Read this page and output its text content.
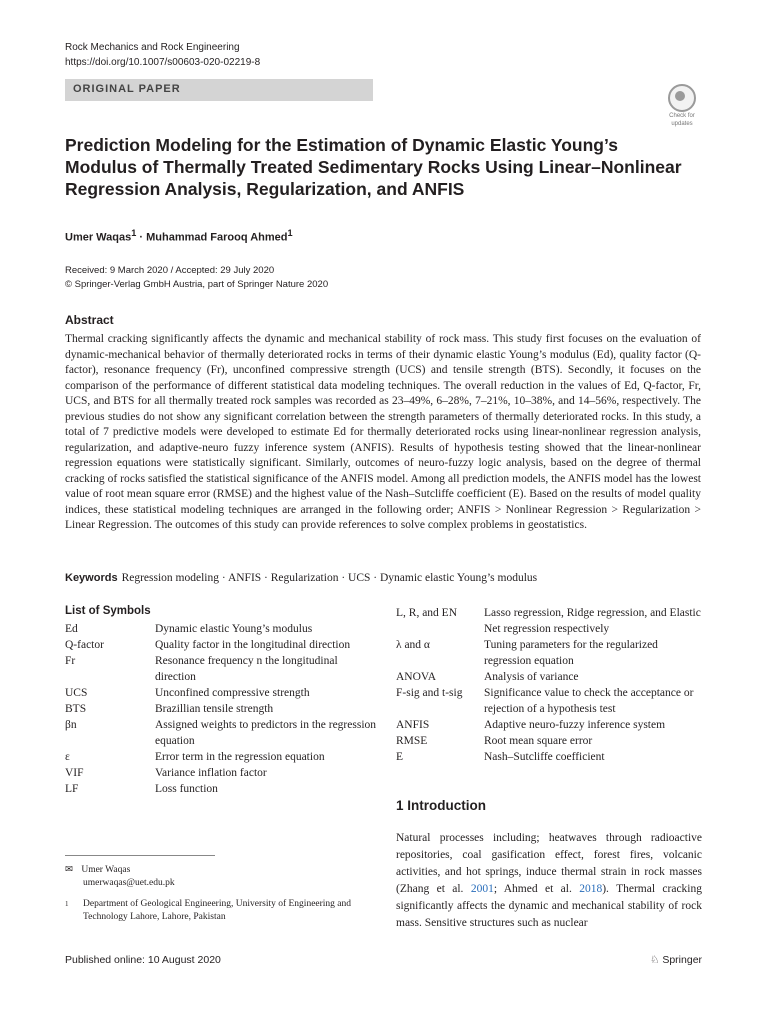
Rock Mechanics and Rock Engineering
https://doi.org/10.1007/s00603-020-02219-8
ORIGINAL PAPER
Check for
updates
Prediction Modeling for the Estimation of Dynamic Elastic Young’s Modulus of Thermally Treated Sedimentary Rocks Using Linear–Nonlinear Regression Analysis, Regularization, and ANFIS
Umer Waqas$^1$ · Muhammad Farooq Ahmed$^1$
Received: 9 March 2020 / Accepted: 29 July 2020
© Springer-Verlag GmbH Austria, part of Springer Nature 2020
Abstract
Thermal cracking significantly affects the dynamic and mechanical stability of rock mass. This study first focuses on the evaluation of dynamic-mechanical behavior of thermally deteriorated rocks in terms of their dynamic elastic Young’s modulus (Ed), quality factor (Q-factor), resonance frequency (Fr), unconfined compressive strength (UCS) and tensile strength (BTS). Secondly, it focuses on the comparison of the performance of different statistical data modeling techniques. The overall reduction in the values of Ed, Q-factor, Fr, UCS, and BTS for all thermally treated rock samples was recorded as 23–49%, 6–28%, 7–21%, 10–38%, and 14–56%, respectively. The previous studies do not show any significant correlation between the strength parameters of thermally deteriorated rocks. In this study, a total of 7 predictive models were developed to estimate Ed for thermally deteriorated rocks using linear-nonlinear regression analysis, regularization, and adaptive-neuro fuzzy inference system (ANFIS). Results of hypothesis testing showed that the linear-nonlinear regression equations were statistically significant. Similarly, outcomes of neuro-fuzzy logic analysis, based on the degree of thermal cracking of rocks satisfied the statistical significance of the ANFIS model. Among all prediction models, the ANFIS model has the lowest value of root mean square error (RMSE) and the highest value of the Nash–Sutcliffe coefficient (E). Based on the results of model quality indices, these statistical modeling techniques are arranged in the following order; ANFIS > Nonlinear Regression > Regularization > Linear Regression. The outcomes of this study can provide references to solve complex problems in geostatistics.
Keywords Regression modeling · ANFIS · Regularization · UCS · Dynamic elastic Young’s modulus
List of Symbols
Ed	Dynamic elastic Young’s modulus
Q-factor	Quality factor in the longitudinal direction
Fr	Resonance frequency n the longitudinal direction
UCS	Unconfined compressive strength
BTS	Brazillian tensile strength
βn	Assigned weights to predictors in the regression equation
ε	Error term in the regression equation
VIF	Variance inflation factor
LF	Loss function
L, R, and EN	Lasso regression, Ridge regression, and Elastic Net regression respectively
λ and α	Tuning parameters for the regularized regression equation
ANOVA	Analysis of variance
F-sig and t-sig	Significance value to check the acceptance or rejection of a hypothesis test
ANFIS	Adaptive neuro-fuzzy inference system
RMSE	Root mean square error
E	Nash–Sutcliffe coefficient
1 Introduction
Natural processes including; heatwaves through radioactive repositories, coal gasification effect, forest fires, volcanic activities, and hot springs, induce thermal strain in rock masses (Zhang et al. 2001; Ahmed et al. 2018). Thermal cracking significantly affects the dynamic and mechanical stability of rock mass. Sensitive structures such as nuclear
✉ Umer Waqas
umerwaqas@uet.edu.pk
1	Department of Geological Engineering, University of Engineering and Technology Lahore, Lahore, Pakistan
Published online: 10 August 2020	♘ Springer
